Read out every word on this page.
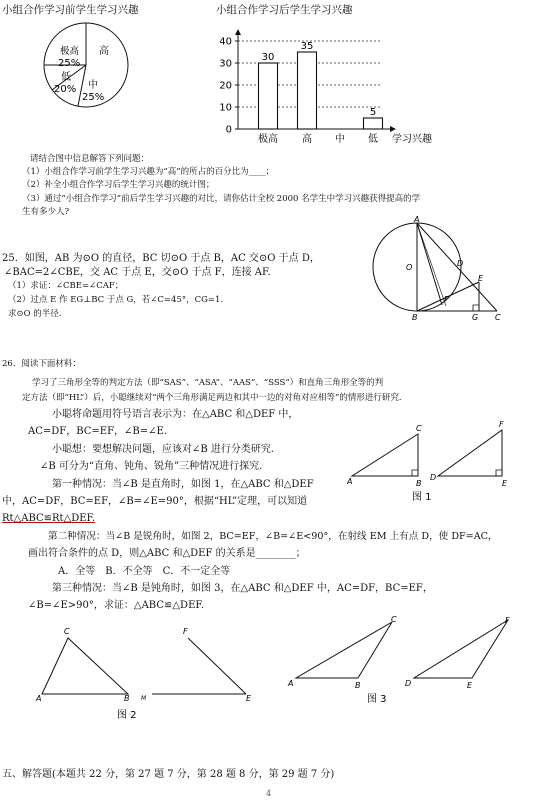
小组合作学习前学生学习兴趣
高
极高
25%
低
20% 中
25%
小组合作学习后学生学习兴趣
0
10
20
30
40
极高
30
高
35
中 低
5
学习兴趣
请结合图中信息解答下列问题：
（1）小组合作学习前学生学习兴趣为“高”的所占的百分比为____；
（2）补全小组合作学习后学生学习兴趣的统计图；
（3）通过“小组合作学习”前后学生学习兴趣的对比，请你估计全校 2000 名学生中学习兴趣获得提高的学
生有多少人?
25．如图，AB 为⊙O 的直径，BC 切⊙O 于点 B，AC 交⊙O 于点 D，
∠BAC=2∠CBE，交 AC 于点 E，交⊙O 于点 F，连接 AF.
（1）求证：∠CBE=∠CAF；
（2）过点 E 作 EG⊥BC 于点 G，若∠C=45°，CG=1.
求⊙O 的半径.
A
O	D
E
F
B	G C
26．阅读下面材料：
学习了三角形全等的判定方法（即“SAS”、“ASA”、“AAS”、“SSS”）和直角三角形全等的判
定方法（即“HL”）后，小聪继续对“两个三角形满足两边和其中一边的对角对应相等”的情形进行研究.
小聪将命题用符号语言表示为：在△ABC 和△DEF 中，
AC=DF，BC=EF，∠B=∠E.
小聪想：要想解决问题，应该对∠B 进行分类研究.
∠B 可分为“直角、钝角、锐角”三种情况进行探究.
第一种情况：当∠B 是直角时，如图 1，在△ABC 和△DEF
中，AC=DF，BC=EF，∠B=∠E=90°，根据“HL”定理，可以知道
Rt△ABC≌Rt△DEF.
第二种情况：当∠B 是锐角时，如图 2，BC=EF，∠B=∠E<90°，在射线 EM 上有点 D，使 DF=AC，
画出符合条件的点 D，则△ABC 和△DEF 的关系是________；
A．全等　B．不全等　C．不一定全等
第三种情况：当∠B 是钝角时，如图 3，在△ABC 和△DEF 中，AC=DF，BC=EF，
∠B=∠E>90°，求证：△ABC≌△DEF.
A	B
C
D
E
F
图 1
A	B
C
M	E
F
图 2
A	B
C
D	E
F
图 3
五、解答题(本题共 22 分，第 27 题 7 分，第 28 题 8 分，第 29 题 7 分)
4
